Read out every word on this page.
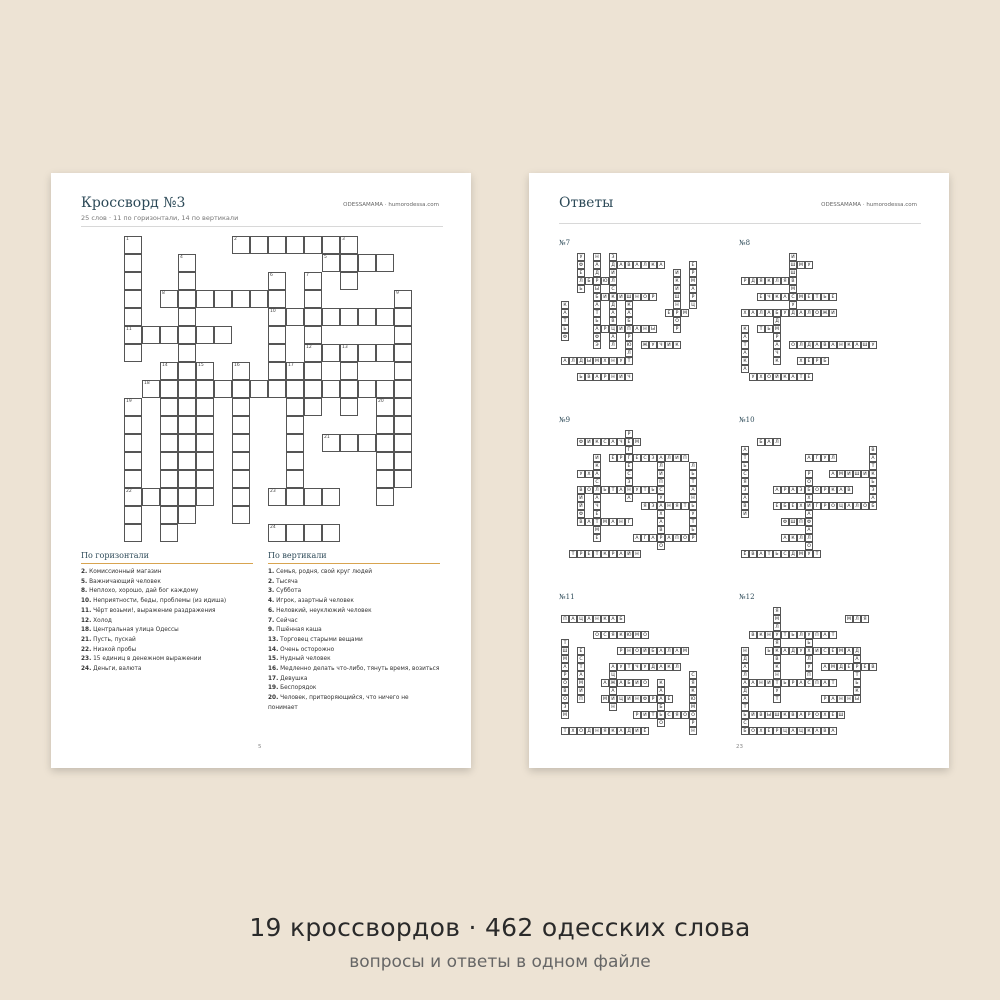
Кроссворд №3
25 слов · 11 по горизонтали, 14 по вертикали
ODESSAMAMA · humorodessa.com
1
11
2	3
4	5
6
10
7
12
8	9
13
14	15	16	17
18
19
22
20
21
23
24
По горизонтали
2. Комиссионный магазин
5. Важничающий человек
8. Неплохо, хорошо, дай бог каждому
10. Неприятности, беды, проблемы (из идиша)
11. Чёрт возьми!, выражение раздражения
12. Холод
18. Центральная улица Одессы
21. Пусть, пускай
22. Низкой пробы
23. 15 единиц в денежном выражении
24. Деньги, валюта
По вертикали
1. Семья, родня, свой круг людей
2. Тысяча
3. Суббота
4. Игрок, азартный человек
6. Неловкий, неуклюжий человек
7. Сейчас
9. Пшённая каша
13. Торговец старыми вещами
14. Очень осторожно
15. Нудный человек
16. Медленно делать что-либо, тянуть время, возиться
17. Девушка
19. Беспорядок
20. Человек, притворяющийся, что ничего не понимает
5
Ответы	ODESSAMAMA · humorodessa.com
№7
Д	А	В	А	Л	К	А
Б	Р Ю Л
И	К	И Ш Н О	Р
Е	Р	М
А	Р	Ц И П	А	Н Ы
Ж У	Ч	И	К
А	Л Д Ы М Х	Н	У	Т
Ь	В	А	Р	Н И	Ч
К
А
Т
Ь
Ф
У
Ф
Е
Л
Ь
Н
А
Д
Ы
Б
А
Т
Ь
Ф
Э
З
И
С
Д
А
В
А
Л
К
А
Б
Р
Ю
Л
И
К
И
Ш
Н
О
Р
Е
Р
М
А
Р
Ц
№8
Ш М	У
Р	Д Я	К	Л	Я	В
Е	Ч	К	А	С М Е	Т	Ь	Е
Х	А	Л	А	Б	У	Д	А	Л О Ж И
Т	Ь М
О Л Д	А	В	А	Н	К	А Ш У
Х	Е	Р	Б
У	Х	О Й	К	А	Т	Е
К
А
Т
А
К
А
Д
Р
А
Ч
К
И
Ш
М
У
№9
Ф И	К	С	А	Ч	Е М
Е	Р	Г	Е	С	З	А	Л И П
У	Х	А
В	О Л	Ь	Т	А	Н	У	Т	Ь	С
Я	З	А	Н	Я	Т	Ь
В	А	Т	М А	Н	Г
А	Г	А	Р	А	П О	Р
Т	Р	Е	Т	К	Р	А	Й Н
И
Й
Ф
И
К
С
А
Ч
Е
М
Е
Р
Г
Е
С
З
А
Л
И
П
У
Х
А
В
О
Л
Ь
Т
А
Н
У
Т
Ь
№10
Б	А	Л
А	Г	У	Л
А М И Ш И	К
А	Р	А	З	Б	О	Р	К	А	В
Е	Б	Е	Х	И	Г	Р	О Ц	А	Л О
Ф Ш П
А	К	Л
Ё	В	А	Т	Ь	С Д М	У	Т
А
Т
Ь
С
Я
З
А
В
И
Р
О
Х
А
Ф
А
Л
О
В
А
Т
Ь
З
А
Б
№11
П	А	Ц	А	Н	К	А	Б
О С	Я	К Ю М О
Р	Н О Й	Б	А	Л	А М
У	Т	Ч	У	Д	А	К	Л
А Ж А	Б	И О
М И Ц И Н Ф	Р	А	Е
Р	И	Т	Ь	С	Я О
Т	Х	О Д Н	Я	К	А	Д И	Ё
Т
Ш
М
А
Р
О
В
О
З
М
Е
С
Т
А
М
И
П
А
Ц
А
Н
К
А
Б
О
С
Я
К
Ю
М
О
Р
Н
№12
М Л	Я
В	К	Н	У	Т	Ь	Л	У	П	А	Т
Ь	К	А	Д	У	Х	И	С	Е М А	Д
А М Д	Е	Р	Е	В
А	Н И	Т	Ь	Р	А	С	П	А	Т
Р	А	Н Н Ы
Й	В Ы Ш К	В	А	Р	О	Х	Е Ш
Б	О	Х	Е	Р	Ц	А	Ц К	А	В	А
Н
Д
А
Л
А
Д
А
Т
Ь
С
Я
М
Л
Я
В
К
Н
У
Т
Ь
Л
У
П
А
Т
Ь
К
23
19 кроссвордов · 462 одесских слова
вопросы и ответы в одном файле
